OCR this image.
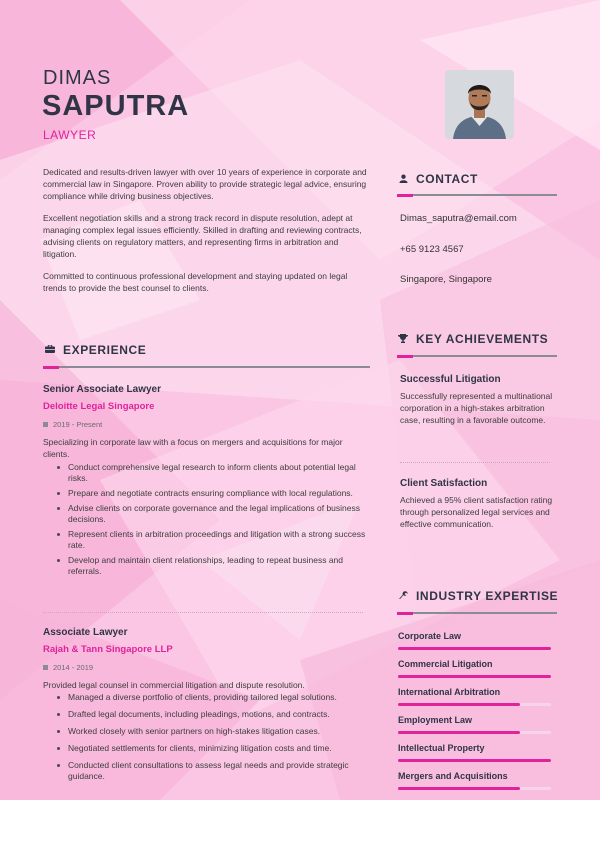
DIMAS
SAPUTRA
LAWYER

Dedicated and results-driven lawyer with over 10 years of experience in corporate and commercial law in Singapore. Proven ability to provide strategic legal advice, ensuring compliance while driving business objectives.

Excellent negotiation skills and a strong track record in dispute resolution, adept at managing complex legal issues efficiently. Skilled in drafting and reviewing contracts, advising clients on regulatory matters, and representing firms in arbitration and litigation.

Committed to continuous professional development and staying updated on legal trends to provide the best counsel to clients.

CONTACT
Dimas_saputra@email.com
+65 9123 4567
Singapore, Singapore
KEY ACHIEVEMENTS
Successful Litigation
Successfully represented a multinational corporation in a high-stakes arbitration case, resulting in a favorable outcome.
Client Satisfaction
Achieved a 95% client satisfaction rating through personalized legal services and effective communication.
INDUSTRY EXPERTISE
Corporate Law
Commercial Litigation
International Arbitration
Employment Law
Intellectual Property
Mergers and Acquisitions
EXPERIENCE
Senior Associate Lawyer
Deloitte Legal Singapore
2019 - Present
Specializing in corporate law with a focus on mergers and acquisitions for major clients.
Conduct comprehensive legal research to inform clients about potential legal risks.
Prepare and negotiate contracts ensuring compliance with local regulations.
Advise clients on corporate governance and the legal implications of business decisions.
Represent clients in arbitration proceedings and litigation with a strong success rate.
Develop and maintain client relationships, leading to repeat business and referrals.
Associate Lawyer
Rajah & Tann Singapore LLP
2014 - 2019
Provided legal counsel in commercial litigation and dispute resolution.
Managed a diverse portfolio of clients, providing tailored legal solutions.
Drafted legal documents, including pleadings, motions, and contracts.
Worked closely with senior partners on high-stakes litigation cases.
Negotiated settlements for clients, minimizing litigation costs and time.
Conducted client consultations to assess legal needs and provide strategic guidance.
